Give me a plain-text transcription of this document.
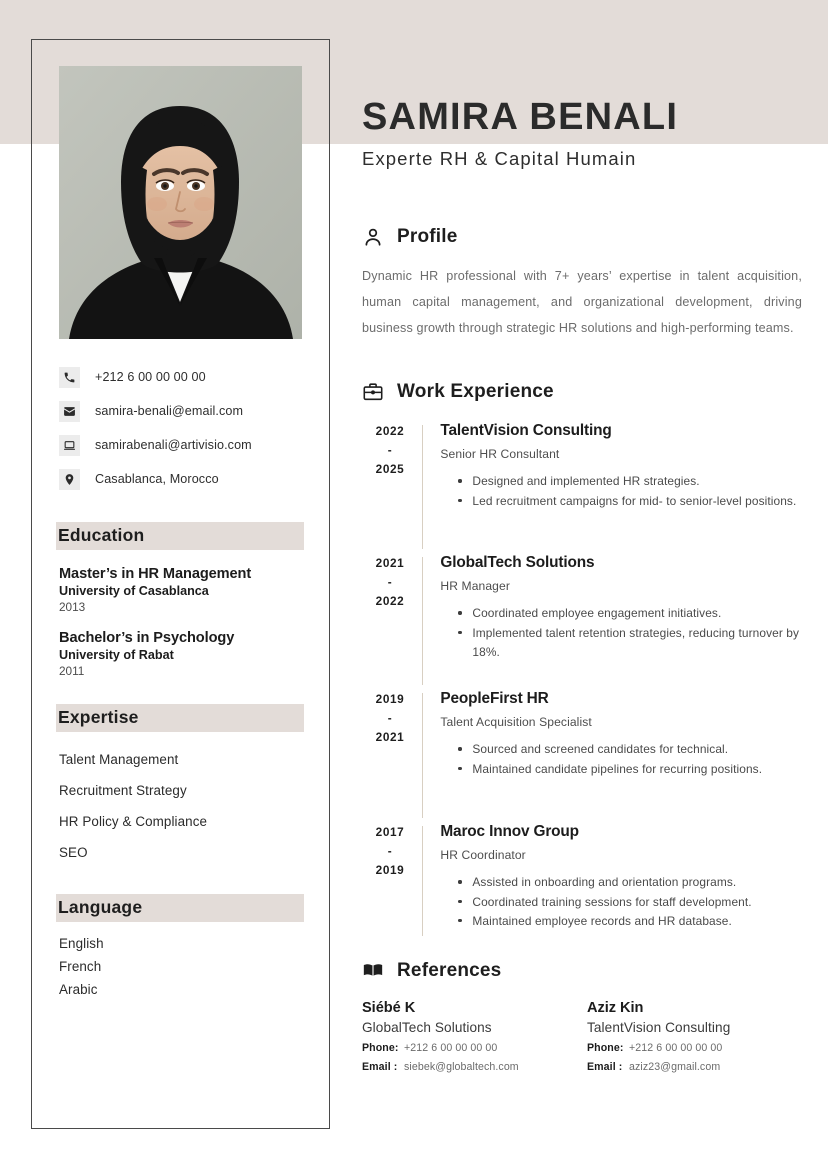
+212 6 00 00 00 00
samira-benali@email.com
samirabenali@artivisio.com
Casablanca, Morocco
Education
Master’s in HR Management
University of Casablanca
2013
Bachelor’s in Psychology
University of Rabat
2011
Expertise
Talent Management
Recruitment Strategy
HR Policy & Compliance
SEO
Language
English
French
Arabic
SAMIRA BENALI
Experte RH & Capital Humain
Profile
Dynamic HR professional with 7+ years’ expertise in talent acquisition, human capital management, and organizational development, driving business growth through strategic HR solutions and high-performing teams.
Work Experience
2022
-
2025
TalentVision Consulting
Senior HR Consultant
Designed and implemented HR strategies.
Led recruitment campaigns for mid- to senior-level positions.
2021
-
2022
GlobalTech Solutions
HR Manager
Coordinated employee engagement initiatives.
Implemented talent retention strategies, reducing turnover by 18%.
2019
-
2021
PeopleFirst HR
Talent Acquisition Specialist
Sourced and screened candidates for technical.
Maintained candidate pipelines for recurring positions.
2017
-
2019
Maroc Innov Group
HR Coordinator
Assisted in onboarding and orientation programs.
Coordinated training sessions for staff development.
Maintained employee records and HR database.
References
Siébé K
GlobalTech Solutions
Phone: +212 6 00 00 00 00
Email : siebek@globaltech.com
Aziz Kin
TalentVision Consulting
Phone: +212 6 00 00 00 00
Email : aziz23@gmail.com
